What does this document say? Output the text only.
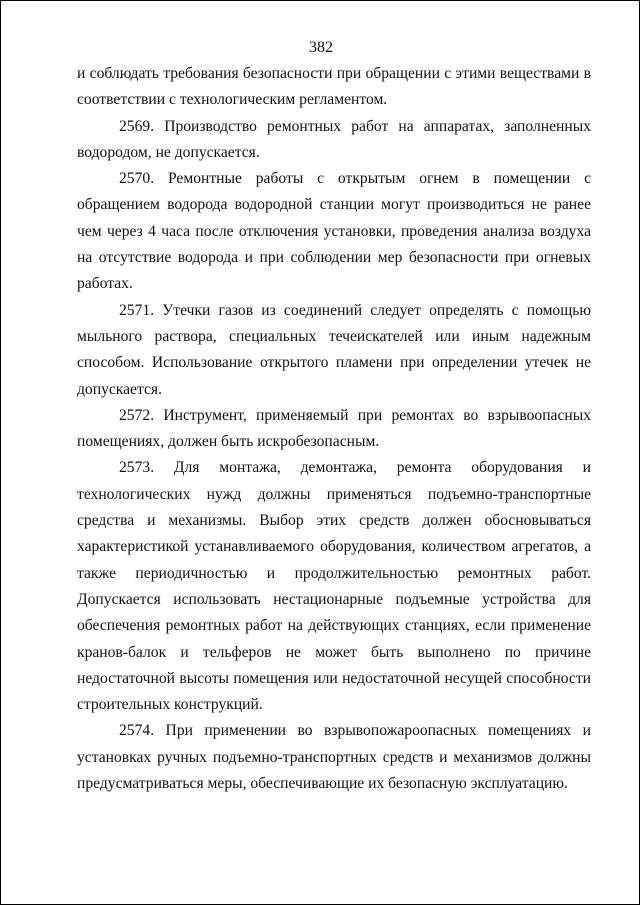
382

и соблюдать требования безопасности при обращении с этими веществами в соответствии с технологическим регламентом.

2569. Производство ремонтных работ на аппаратах, заполненных водородом, не допускается.

2570. Ремонтные работы с открытым огнем в помещении с обращением водорода водородной станции могут производиться не ранее чем через 4 часа после отключения установки, проведения анализа воздуха на отсутствие водорода и при соблюдении мер безопасности при огневых работах.

2571. Утечки газов из соединений следует определять с помощью мыльного раствора, специальных течеискателей или иным надежным способом. Использование открытого пламени при определении утечек не допускается.

2572. Инструмент, применяемый при ремонтах во взрывоопасных помещениях, должен быть искробезопасным.

2573. Для монтажа, демонтажа, ремонта оборудования и технологических нужд должны применяться подъемно-транспортные средства и механизмы. Выбор этих средств должен обосновываться характеристикой устанавливаемого оборудования, количеством агрегатов, а также периодичностью и продолжительностью ремонтных работ. Допускается использовать нестационарные подъемные устройства для обеспечения ремонтных работ на действующих станциях, если применение кранов-балок и тельферов не может быть выполнено по причине недостаточной высоты помещения или недостаточной несущей способности строительных конструкций.

2574. При применении во взрывопожароопасных помещениях и установках ручных подъемно-транспортных средств и механизмов должны предусматриваться меры, обеспечивающие их безопасную эксплуатацию.
